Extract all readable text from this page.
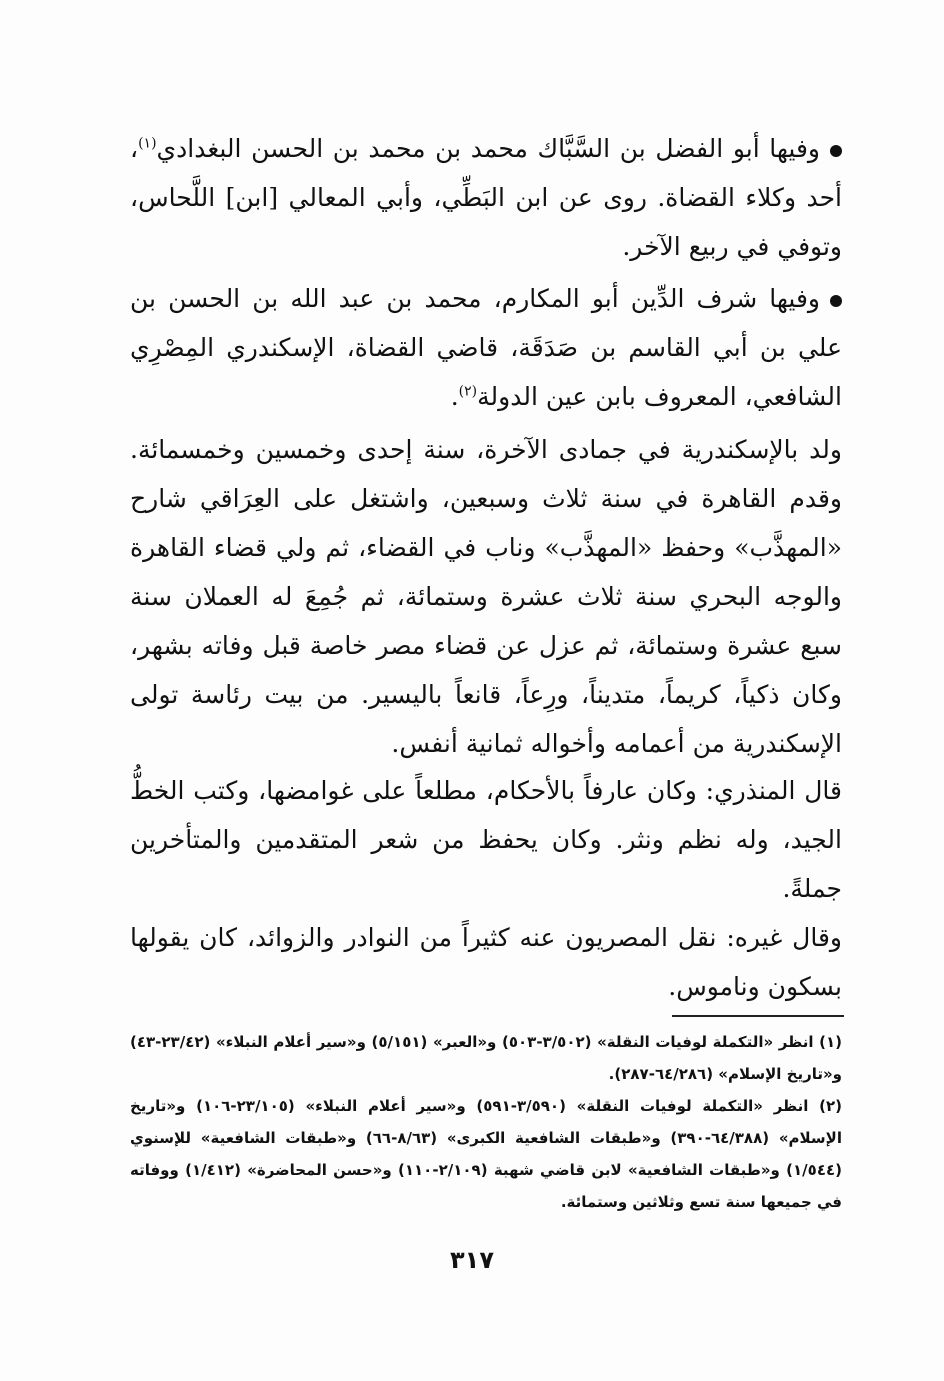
وفيها أبو الفضل بن السَّبَّاك محمد بن محمد بن الحسن البغدادي$^{(١)}$، أحد وكلاء القضاة. روى عن ابن البَطِّي، وأبي المعالي [ابن] اللَّحاس، وتوفي في ربيع الآخر.
وفيها شرف الدِّين أبو المكارم، محمد بن عبد الله بن الحسن بن علي بن أبي القاسم بن صَدَقَة، قاضي القضاة، الإسكندري المِصْرِي الشافعي، المعروف بابن عين الدولة$^{(٢)}$.
ولد بالإسكندرية في جمادى الآخرة، سنة إحدى وخمسين وخمسمائة. وقدم القاهرة في سنة ثلاث وسبعين، واشتغل على العِرَاقي شارح «المهذَّب» وحفظ «المهذَّب» وناب في القضاء، ثم ولي قضاء القاهرة والوجه البحري سنة ثلاث عشرة وستمائة، ثم جُمِعَ له العملان سنة سبع عشرة وستمائة، ثم عزل عن قضاء مصر خاصة قبل وفاته بشهر، وكان ذكياً، كريماً، متديناً، ورِعاً، قانعاً باليسير. من بيت رئاسة تولى الإسكندرية من أعمامه وأخواله ثمانية أنفس.
قال المنذري: وكان عارفاً بالأحكام، مطلعاً على غوامضها، وكتب الخطُّ الجيد، وله نظم ونثر. وكان يحفظ من شعر المتقدمين والمتأخرين جملةً.
وقال غيره: نقل المصريون عنه كثيراً من النوادر والزوائد، كان يقولها بسكون وناموس.

(١) انظر «التكملة لوفيات النقلة» (٣/٥٠٢-٥٠٣) و«العبر» (٥/١٥١) و«سير أعلام النبلاء» (٢٣/٤٢-٤٣) و«تاريخ الإسلام» (٦٤/٢٨٦-٢٨٧).

(٢) انظر «التكملة لوفيات النقلة» (٣/٥٩٠-٥٩١) و«سير أعلام النبلاء» (٢٣/١٠٥-١٠٦) و«تاريخ الإسلام» (٦٤/٣٨٨-٣٩٠) و«طبقات الشافعية الكبرى» (٨/٦٣-٦٦) و«طبقات الشافعية» للإسنوي (١/٥٤٤) و«طبقات الشافعية» لابن قاضي شهبة (٢/١٠٩-١١٠) و«حسن المحاضرة» (١/٤١٢) ووفاته في جميعها سنة تسع وثلاثين وستمائة.

٣١٧
